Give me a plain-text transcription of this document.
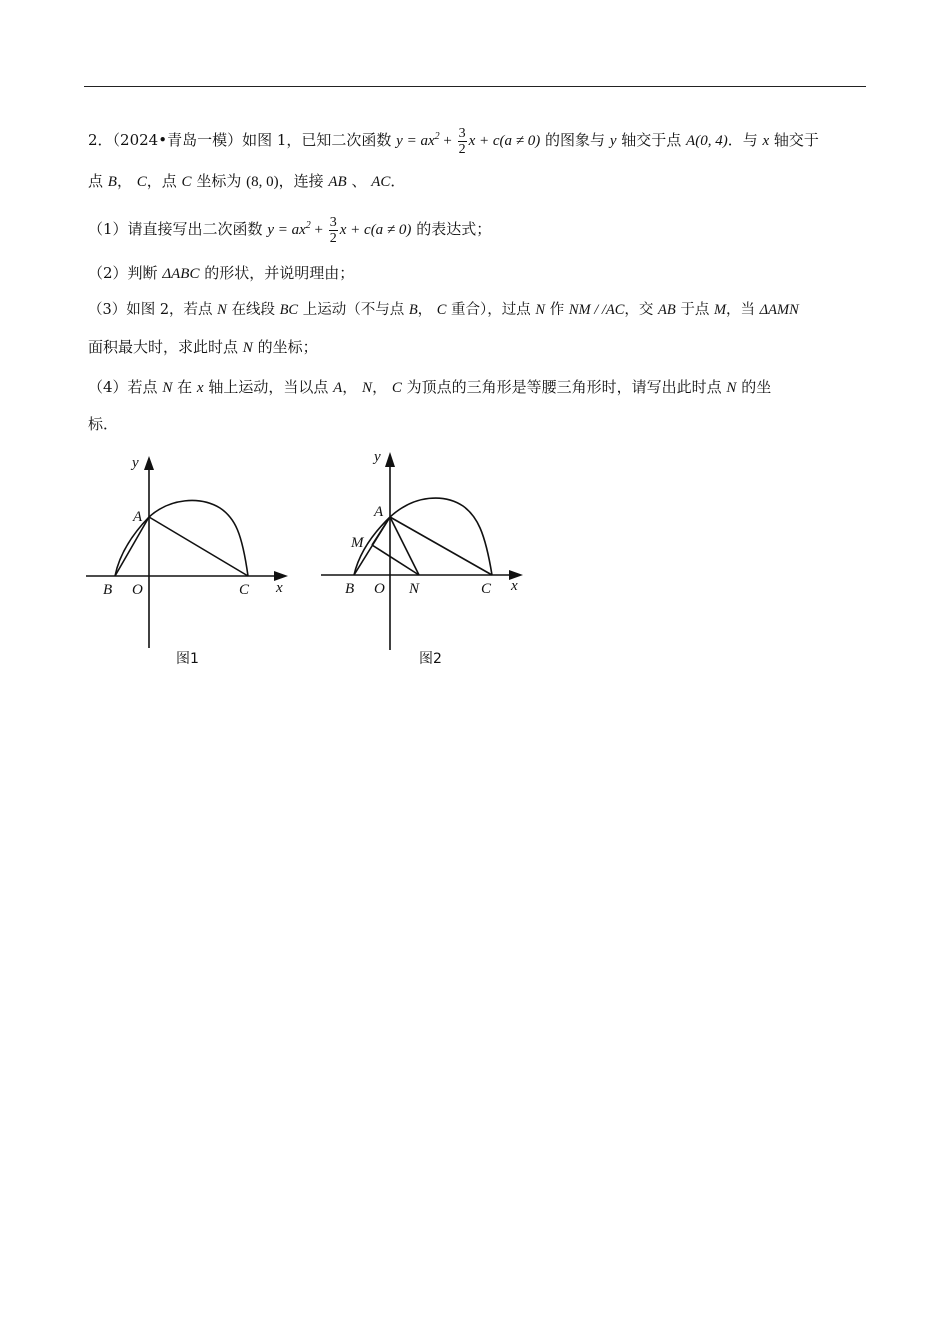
2．（2024•青岛一模）如图 1，已知二次函数 $y = ax^2 + \frac{3}{2}$ x + c(a ≠ 0) 的图象与 y 轴交于点 A(0, 4)．与 x 轴交于
点 B， C，点 C 坐标为 (8, 0)，连接 AB 、 AC．
（1）请直接写出二次函数 $y = ax^2 + \frac{3}{2}$ x + c(a ≠ 0) 的表达式；
（2）判断 ΔABC 的形状，并说明理由；
（3）如图 2，若点 N 在线段 BC 上运动（不与点 B， C 重合），过点 N 作 NM / /AC，交 AB 于点 M，当 ΔAMN
面积最大时，求此时点 N 的坐标；
（4）若点 N 在 x 轴上运动，当以点 A， N， C 为顶点的三角形是等腰三角形时，请写出此时点 N 的坐
标．
y
x
A
B O	C
图1
y
x
A
M
B O N	C
图2
